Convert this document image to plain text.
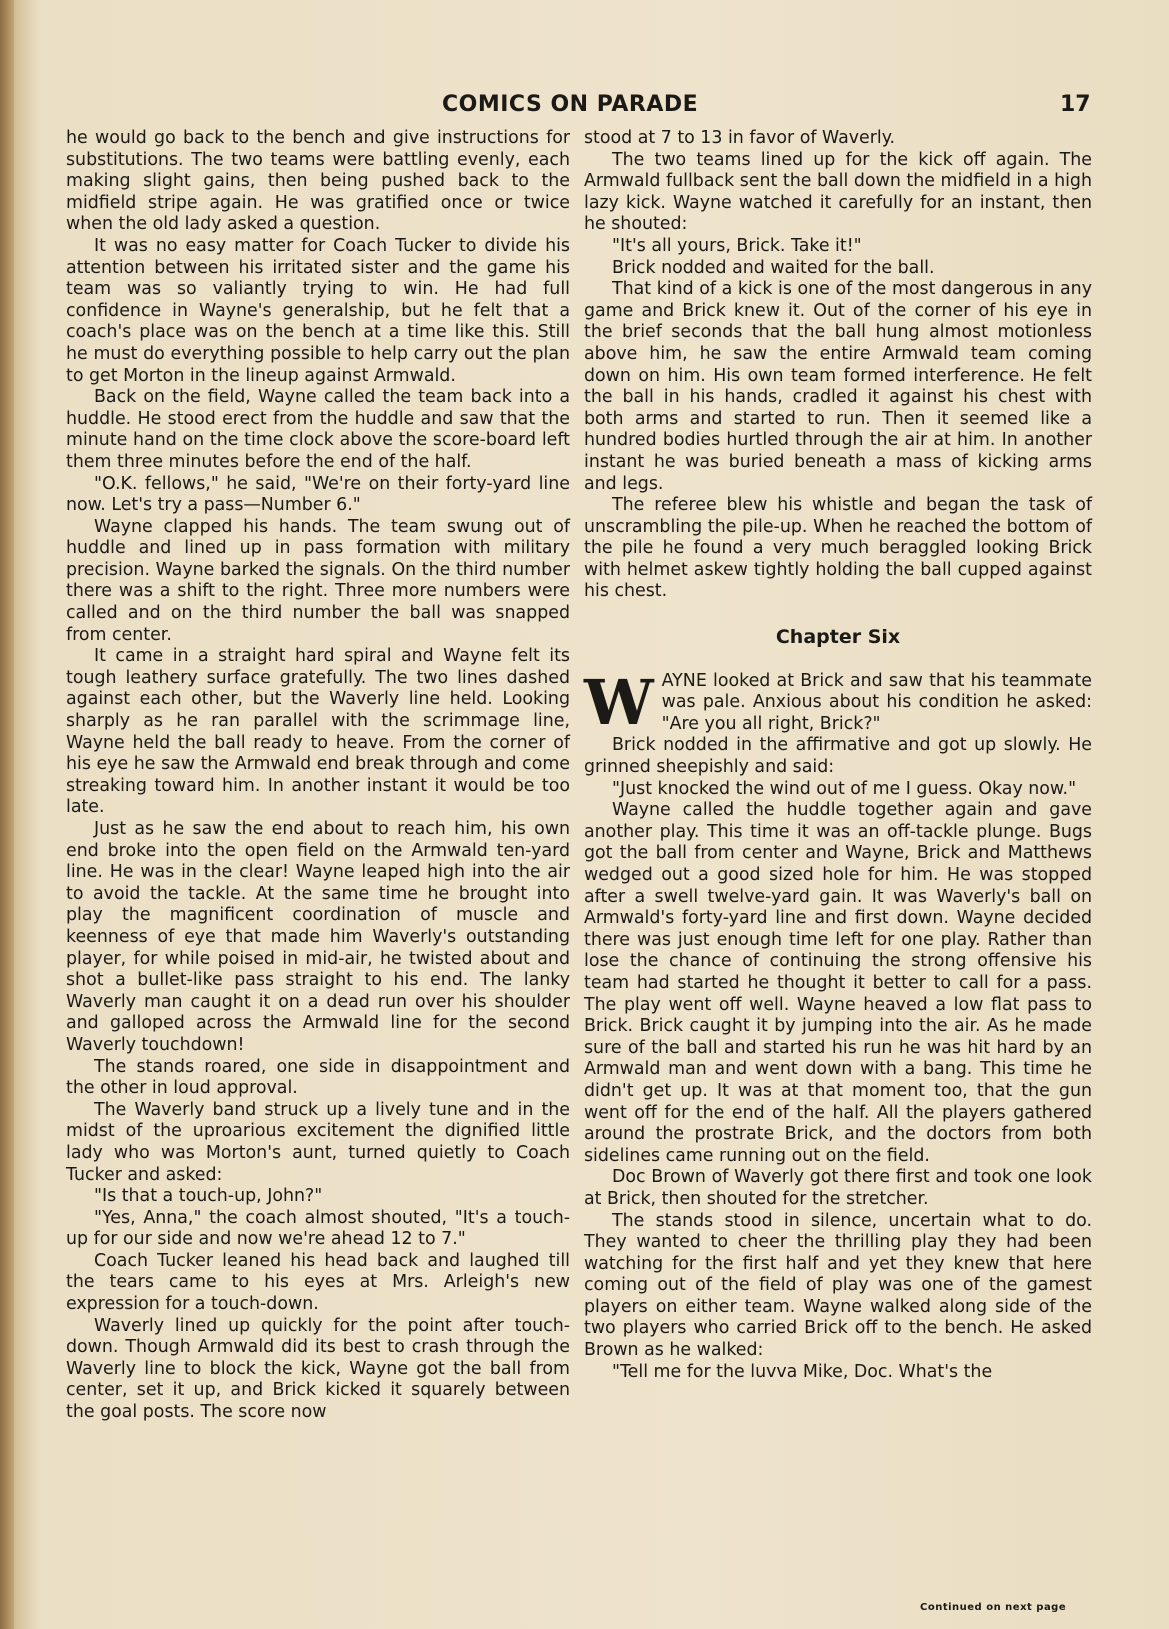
COMICS ON PARADE	17

he would go back to the bench and give instructions for substitutions. The two teams were battling evenly, each making slight gains, then being pushed back to the midfield stripe again. He was gratified once or twice when the old lady asked a question.

It was no easy matter for Coach Tucker to divide his attention between his irritated sister and the game his team was so valiantly trying to win. He had full confidence in Wayne's generalship, but he felt that a coach's place was on the bench at a time like this. Still he must do everything possible to help carry out the plan to get Morton in the lineup against Armwald.

Back on the field, Wayne called the team back into a huddle. He stood erect from the huddle and saw that the minute hand on the time clock above the score-board left them three minutes before the end of the half.

"O.K. fellows," he said, "We're on their forty-yard line now. Let's try a pass—Number 6."

Wayne clapped his hands. The team swung out of huddle and lined up in pass formation with military precision. Wayne barked the signals. On the third number there was a shift to the right. Three more numbers were called and on the third number the ball was snapped from center.

It came in a straight hard spiral and Wayne felt its tough leathery surface gratefully. The two lines dashed against each other, but the Waverly line held. Looking sharply as he ran parallel with the scrimmage line, Wayne held the ball ready to heave. From the corner of his eye he saw the Armwald end break through and come streaking toward him. In another instant it would be too late.

Just as he saw the end about to reach him, his own end broke into the open field on the Armwald ten-yard line. He was in the clear! Wayne leaped high into the air to avoid the tackle. At the same time he brought into play the magnificent coordination of muscle and keenness of eye that made him Waverly's outstanding player, for while poised in mid-air, he twisted about and shot a bullet-like pass straight to his end. The lanky Waverly man caught it on a dead run over his shoulder and galloped across the Armwald line for the second Waverly touchdown!

The stands roared, one side in disappointment and the other in loud approval.

The Waverly band struck up a lively tune and in the midst of the uproarious excitement the dignified little lady who was Morton's aunt, turned quietly to Coach Tucker and asked:

"Is that a touch-up, John?"

"Yes, Anna," the coach almost shouted, "It's a touch-up for our side and now we're ahead 12 to 7."

Coach Tucker leaned his head back and laughed till the tears came to his eyes at Mrs. Arleigh's new expression for a touch-down.

Waverly lined up quickly for the point after touch-down. Though Armwald did its best to crash through the Waverly line to block the kick, Wayne got the ball from center, set it up, and Brick kicked it squarely between the goal posts. The score now

stood at 7 to 13 in favor of Waverly.

The two teams lined up for the kick off again. The Armwald fullback sent the ball down the midfield in a high lazy kick. Wayne watched it carefully for an instant, then he shouted:

"It's all yours, Brick. Take it!"

Brick nodded and waited for the ball.

That kind of a kick is one of the most dangerous in any game and Brick knew it. Out of the corner of his eye in the brief seconds that the ball hung almost motionless above him, he saw the entire Armwald team coming down on him. His own team formed interference. He felt the ball in his hands, cradled it against his chest with both arms and started to run. Then it seemed like a hundred bodies hurtled through the air at him. In another instant he was buried beneath a mass of kicking arms and legs.

The referee blew his whistle and began the task of unscrambling the pile-up. When he reached the bottom of the pile he found a very much beraggled looking Brick with helmet askew tightly holding the ball cupped against his chest.

Chapter Six

WAYNE looked at Brick and saw that his teammate was pale. Anxious about his condition he asked: "Are you all right, Brick?"

Brick nodded in the affirmative and got up slowly. He grinned sheepishly and said:

"Just knocked the wind out of me I guess. Okay now."

Wayne called the huddle together again and gave another play. This time it was an off-tackle plunge. Bugs got the ball from center and Wayne, Brick and Matthews wedged out a good sized hole for him. He was stopped after a swell twelve-yard gain. It was Waverly's ball on Armwald's forty-yard line and first down. Wayne decided there was just enough time left for one play. Rather than lose the chance of continuing the strong offensive his team had started he thought it better to call for a pass. The play went off well. Wayne heaved a low flat pass to Brick. Brick caught it by jumping into the air. As he made sure of the ball and started his run he was hit hard by an Armwald man and went down with a bang. This time he didn't get up. It was at that moment too, that the gun went off for the end of the half. All the players gathered around the prostrate Brick, and the doctors from both sidelines came running out on the field.

Doc Brown of Waverly got there first and took one look at Brick, then shouted for the stretcher.

The stands stood in silence, uncertain what to do. They wanted to cheer the thrilling play they had been watching for the first half and yet they knew that here coming out of the field of play was one of the gamest players on either team. Wayne walked along side of the two players who carried Brick off to the bench. He asked Brown as he walked:

"Tell me for the luvva Mike, Doc. What's the

Continued on next page
